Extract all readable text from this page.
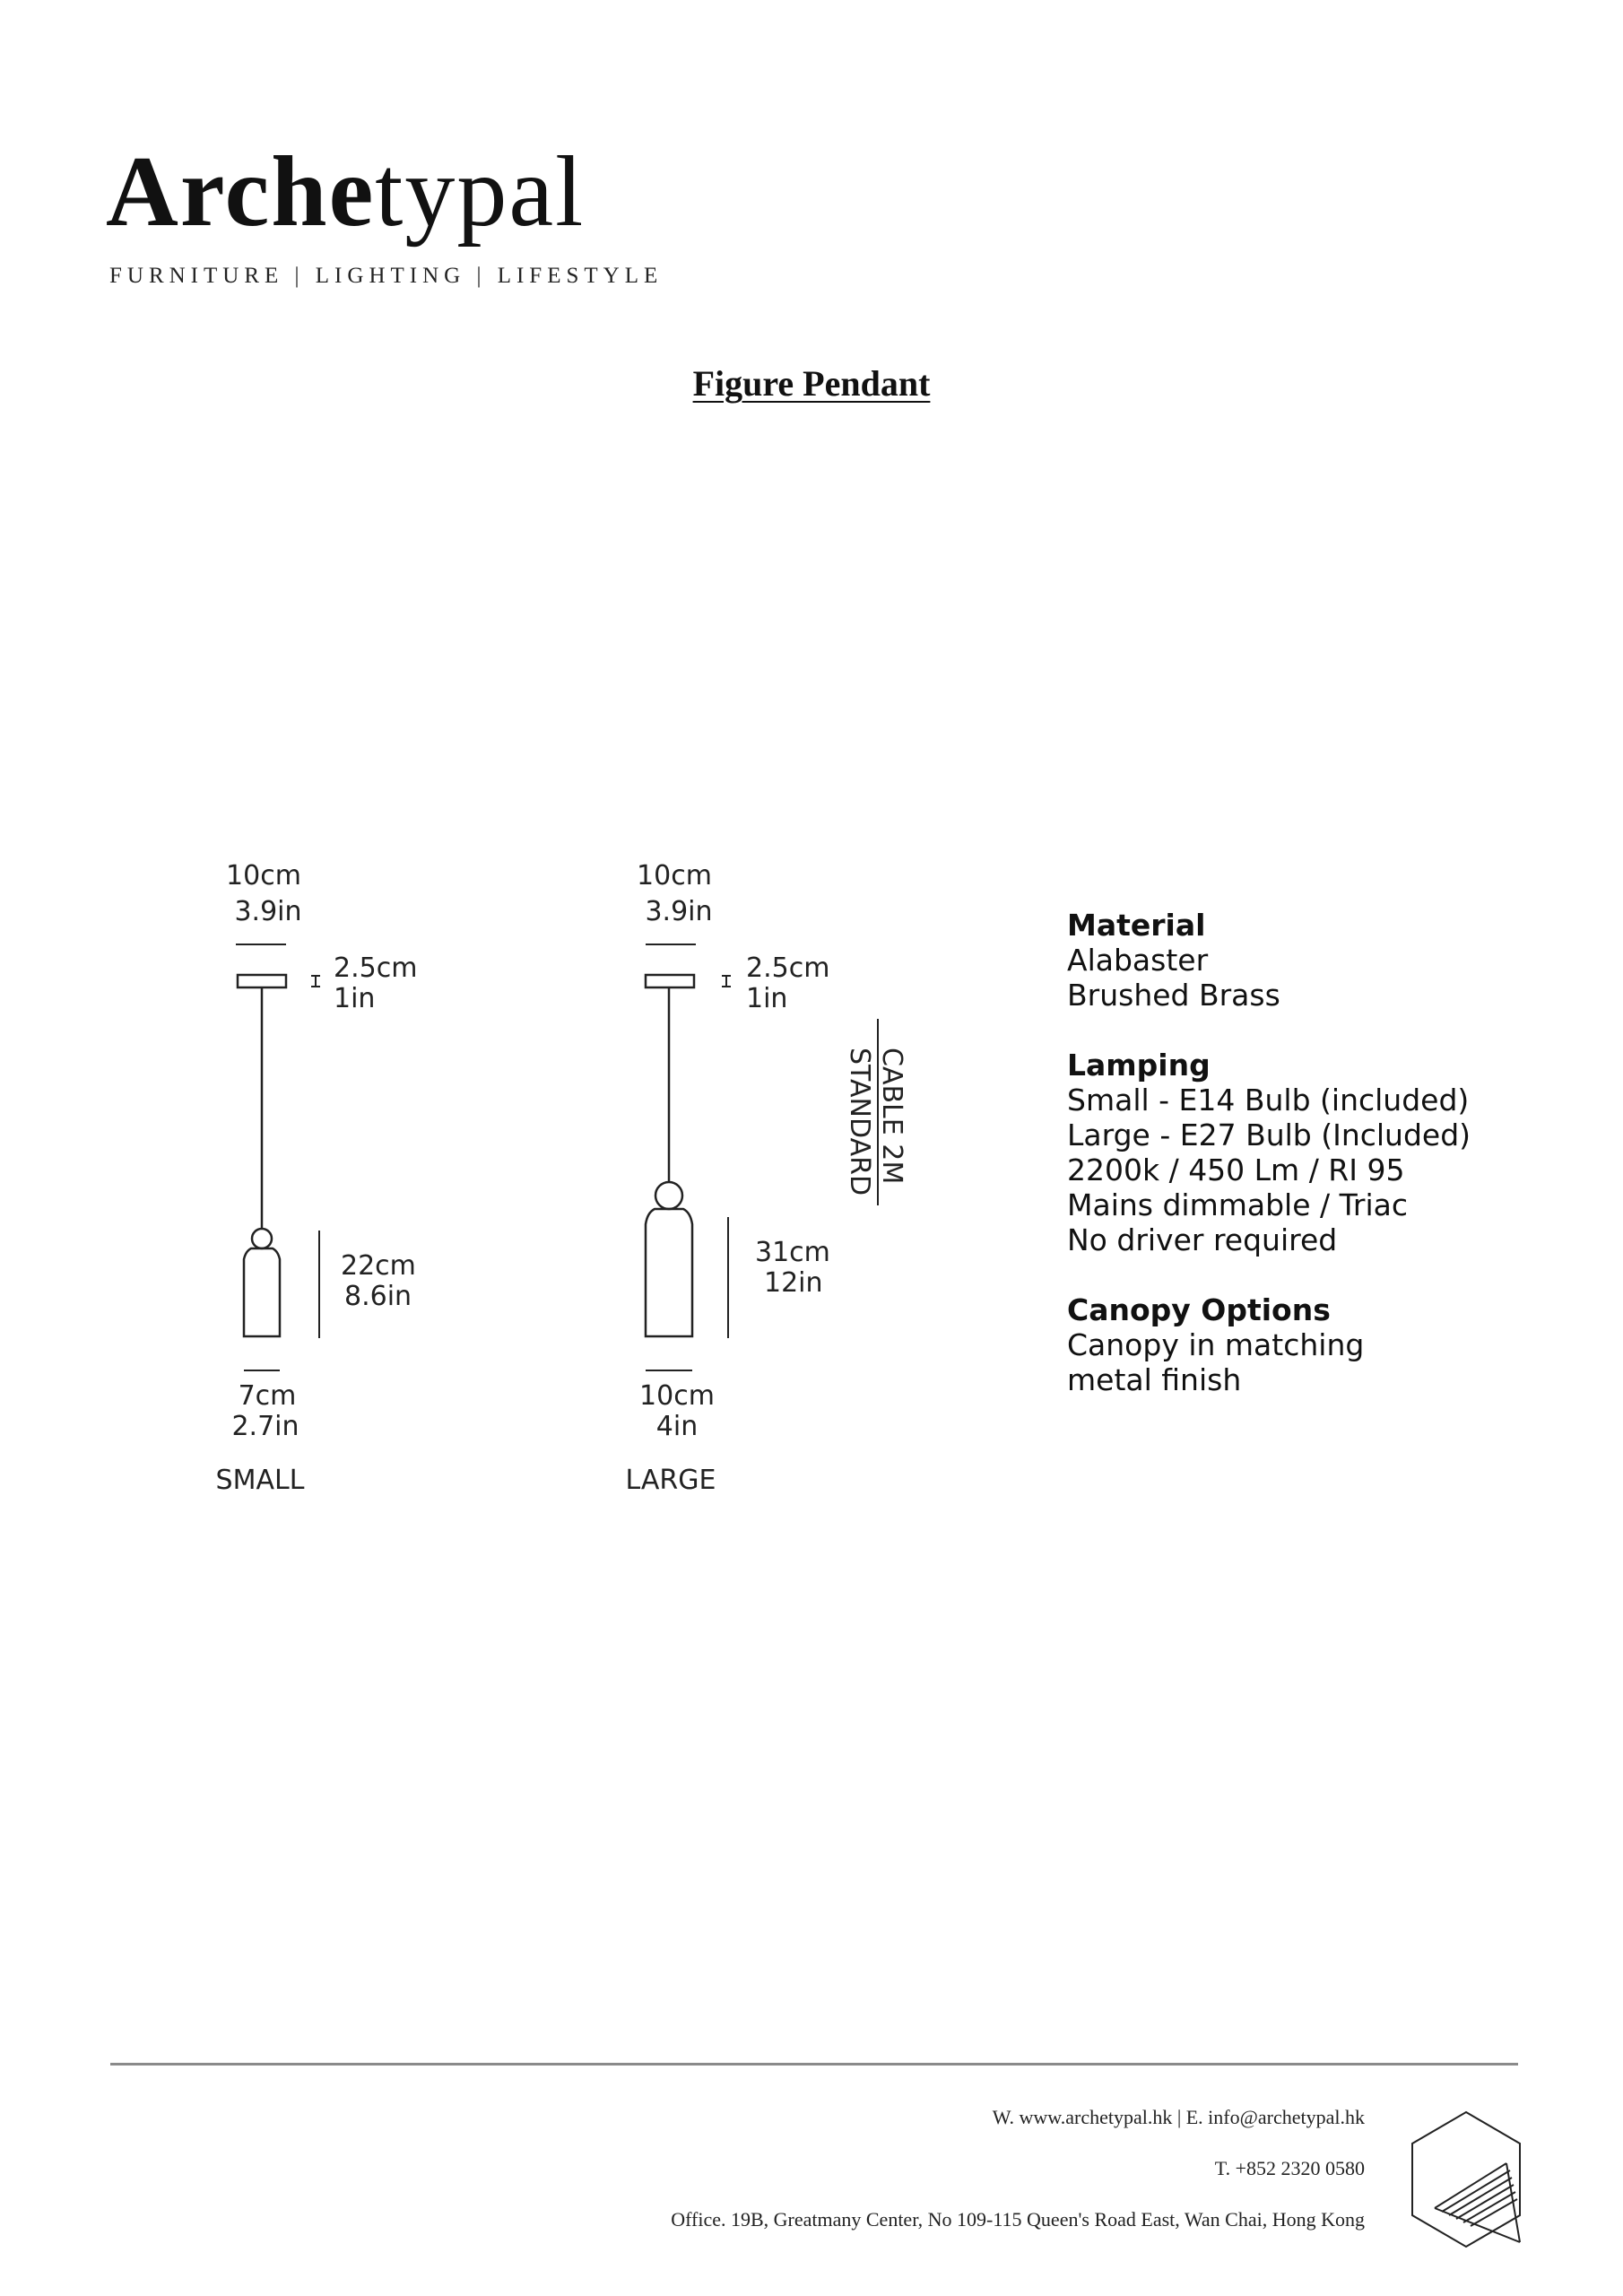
Archetypal
FURNITURE | LIGHTING | LIFESTYLE
Figure Pendant
10cm
3.9in
2.5cm
1in
22cm
8.6in
7cm
2.7in
SMALL
10cm
3.9in
2.5cm
1in
31cm
12in
10cm
4in
LARGE
CABLE 2M
STANDARD
Material
Alabaster
Brushed Brass
Lamping
Small - E14 Bulb (included)
Large - E27 Bulb (Included)
2200k / 450 Lm / RI 95
Mains dimmable / Triac
No driver required
Canopy Options
Canopy in matching
metal finish
W. www.archetypal.hk | E. info@archetypal.hk
T. +852 2320 0580
Office. 19B, Greatmany Center, No 109-115 Queen's Road East, Wan Chai, Hong Kong
